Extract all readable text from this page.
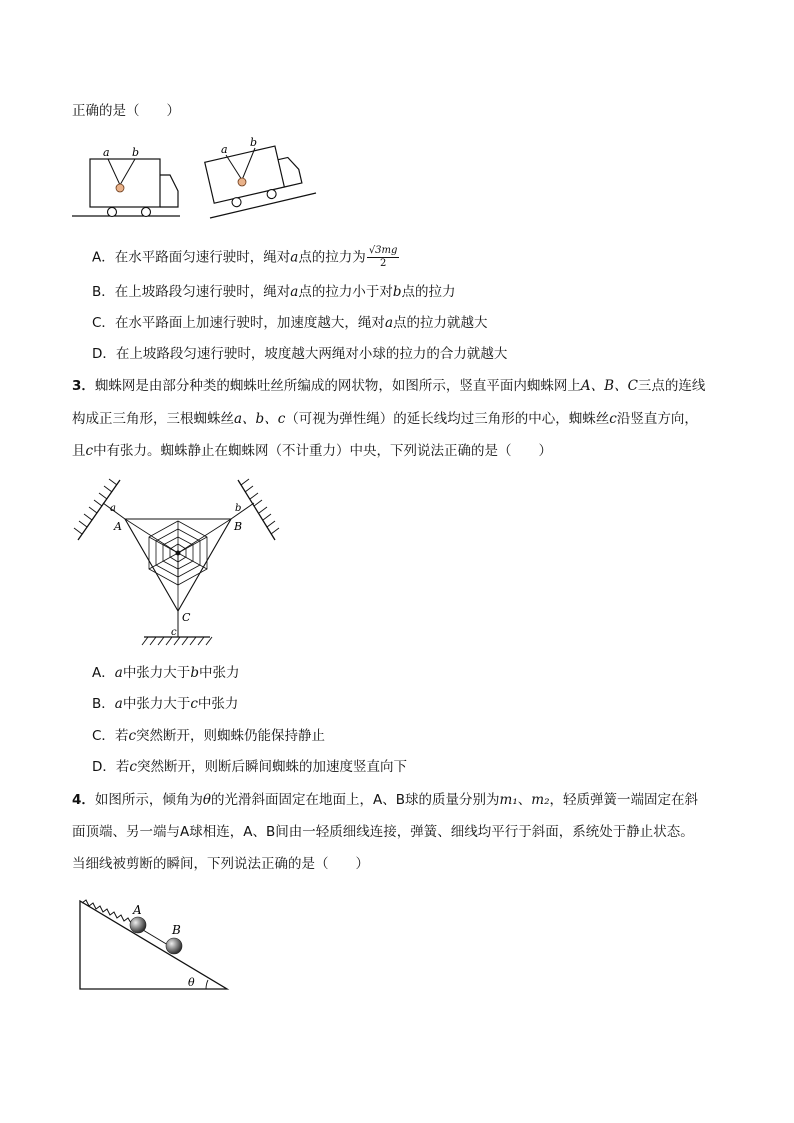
正确的是（　　）
a b	a
b
A．在水平路面匀速行驶时，绳对a点的拉力为 $\frac{√3mg}{2}$
B．在上坡路段匀速行驶时，绳对a点的拉力小于对b点的拉力
C．在水平路面上加速行驶时，加速度越大，绳对a点的拉力就越大
D．在上坡路段匀速行驶时，坡度越大两绳对小球的拉力的合力就越大
3．蜘蛛网是由部分种类的蜘蛛吐丝所编成的网状物，如图所示，竖直平面内蜘蛛网上A、B、C三点的连线
构成正三角形，三根蜘蛛丝a、b、c（可视为弹性绳）的延长线均过三角形的中心，蜘蛛丝c沿竖直方向，
且c中有张力。蜘蛛静止在蜘蛛网（不计重力）中央，下列说法正确的是（　　）
a
A
b
B
C
c
A．a中张力大于b中张力
B．a中张力大于c中张力
C．若c突然断开，则蜘蛛仍能保持静止
D．若c突然断开，则断后瞬间蜘蛛的加速度竖直向下
4．如图所示，倾角为θ的光滑斜面固定在地面上，A、B球的质量分别为m₁、m₂，轻质弹簧一端固定在斜
面顶端、另一端与A球相连，A、B间由一轻质细线连接，弹簧、细线均平行于斜面，系统处于静止状态。
当细线被剪断的瞬间，下列说法正确的是（　　）
θ
A
B
